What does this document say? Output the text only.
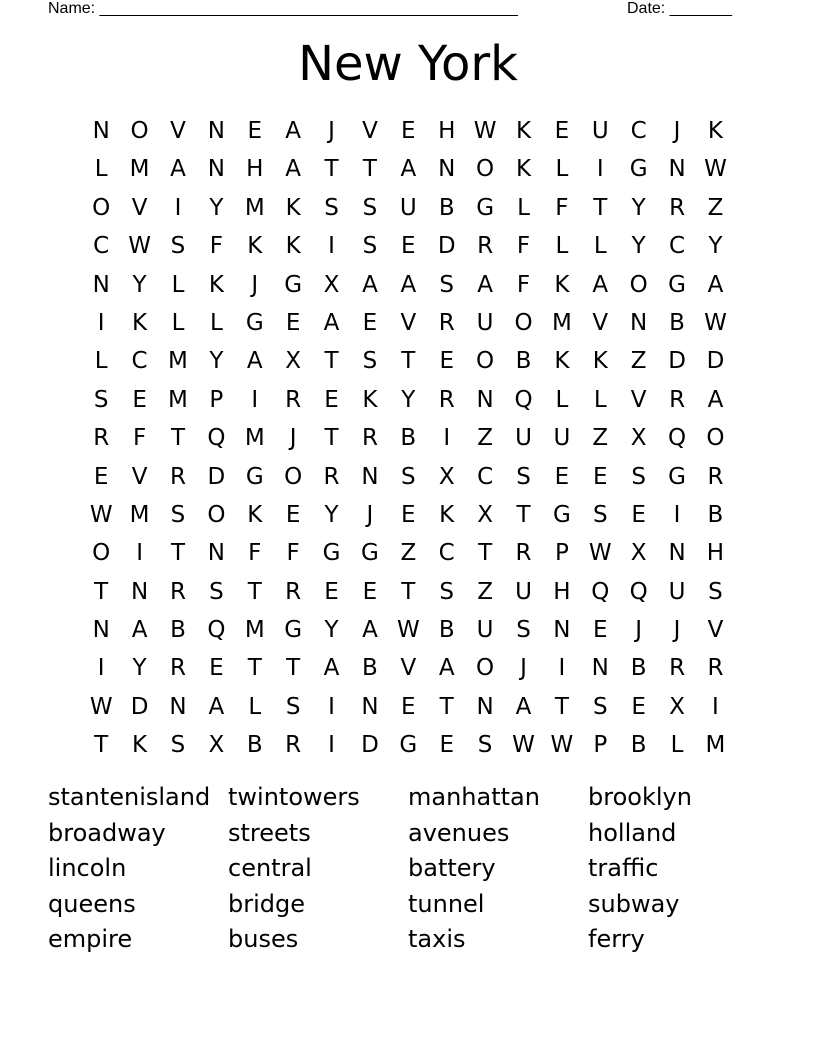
Name: _______________________________________________	Date: _______
New York
N O V N E	A	J	V	E H W K	E U C	J	K
L M A N H A	T	T	A N O K	L	I	G N W
O V	I	Y M K	S	S U B G	L	F	T	Y	R Z
C W S	F	K	K	I	S	E D R	F	L	L	Y	C	Y
N Y	L	K	J	G X A A	S	A	F	K A O G A
I	K	L	L	G E	A	E	V R U O M V N B W
L	C M Y	A X	T	S	T	E O B K	K Z D D
S	E M P	I	R	E	K	Y	R N Q L	L	V R A
R	F	T Q M	J	T	R B	I	Z U U Z X Q O
E	V R D G O R N S	X C	S	E	E	S G R
W M S O K	E	Y	J	E	K X	T G S	E	I	B
O	I	T N	F	F G G Z C	T	R	P W X N H
T N R	S	T	R	E	E	T	S	Z U H Q Q U S
N A B Q M G Y	A W B U S N E	J	J	V
I	Y	R	E	T	T	A B V A O	J	I	N B R R
W D N A	L	S	I	N E	T N A	T	S	E	X	I
T	K	S	X B R	I	D G E	S W W P	B	L M
stantenisland twintowers	manhattan	brooklyn
broadway	streets	avenues	holland
lincoln	central	battery	traffic
queens	bridge	tunnel	subway
empire	buses	taxis	ferry
